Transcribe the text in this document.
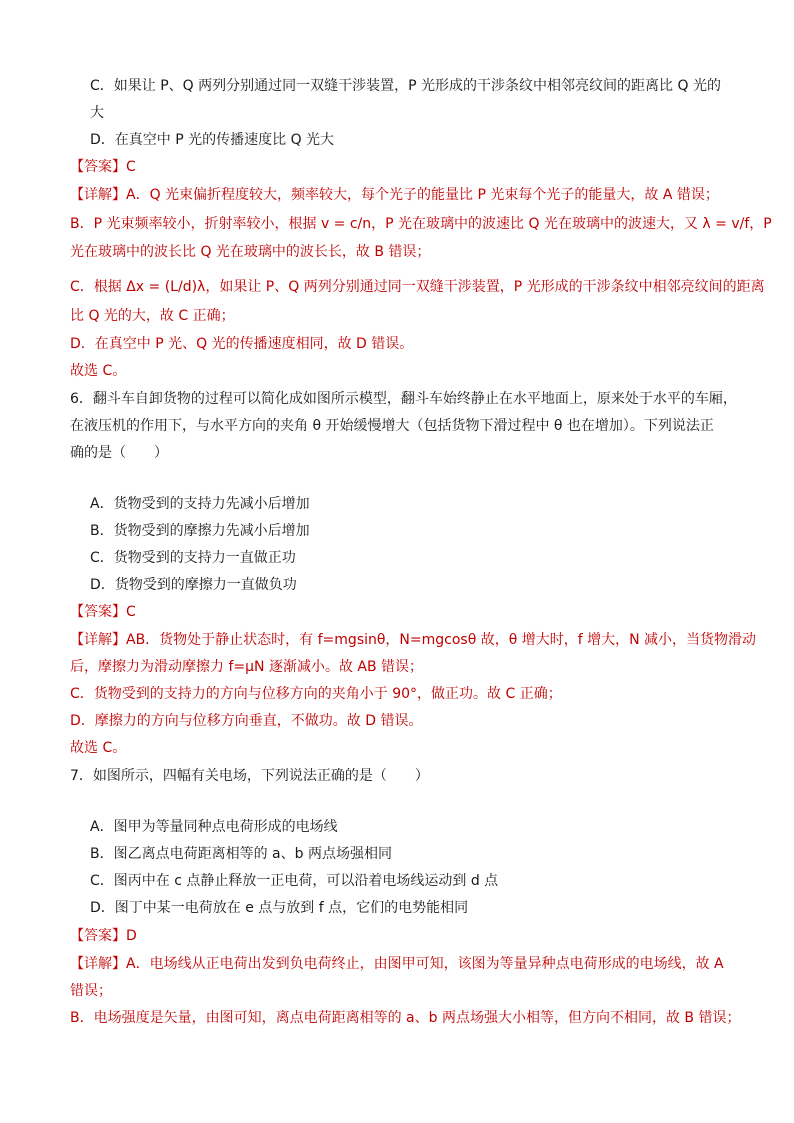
C．如果让 P、Q 两列分别通过同一双缝干涉装置，P 光形成的干涉条纹中相邻亮纹间的距离比 Q 光的
大
D．在真空中 P 光的传播速度比 Q 光大
【答案】C
【详解】A．Q 光束偏折程度较大，频率较大，每个光子的能量比 P 光束每个光子的能量大，故 A 错误；
B．P 光束频率较小，折射率较小，根据 v = c/n，P 光在玻璃中的波速比 Q 光在玻璃中的波速大，又 λ = v/f，P
光在玻璃中的波长比 Q 光在玻璃中的波长长，故 B 错误；
C．根据 Δx = (L/d)λ，如果让 P、Q 两列分别通过同一双缝干涉装置，P 光形成的干涉条纹中相邻亮纹间的距离
比 Q 光的大，故 C 正确；
D．在真空中 P 光、Q 光的传播速度相同，故 D 错误。
故选 C。
6．翻斗车自卸货物的过程可以简化成如图所示模型，翻斗车始终静止在水平地面上，原来处于水平的车厢，
在液压机的作用下，与水平方向的夹角 θ 开始缓慢增大（包括货物下滑过程中 θ 也在增加）。下列说法正
确的是（　　）
A．货物受到的支持力先减小后增加
B．货物受到的摩擦力先减小后增加
C．货物受到的支持力一直做正功
D．货物受到的摩擦力一直做负功
【答案】C
【详解】AB．货物处于静止状态时，有 f=mgsinθ，N=mgcosθ 故，θ 增大时，f 增大，N 减小，当货物滑动
后，摩擦力为滑动摩擦力 f=μN 逐渐减小。故 AB 错误；
C．货物受到的支持力的方向与位移方向的夹角小于 90°，做正功。故 C 正确；
D．摩擦力的方向与位移方向垂直，不做功。故 D 错误。
故选 C。
7．如图所示，四幅有关电场，下列说法正确的是（　　）
A．图甲为等量同种点电荷形成的电场线
B．图乙离点电荷距离相等的 a、b 两点场强相同
C．图丙中在 c 点静止释放一正电荷，可以沿着电场线运动到 d 点
D．图丁中某一电荷放在 e 点与放到 f 点，它们的电势能相同
【答案】D
【详解】A．电场线从正电荷出发到负电荷终止，由图甲可知，该图为等量异种点电荷形成的电场线，故 A
错误；
B．电场强度是矢量，由图可知，离点电荷距离相等的 a、b 两点场强大小相等，但方向不相同，故 B 错误；
